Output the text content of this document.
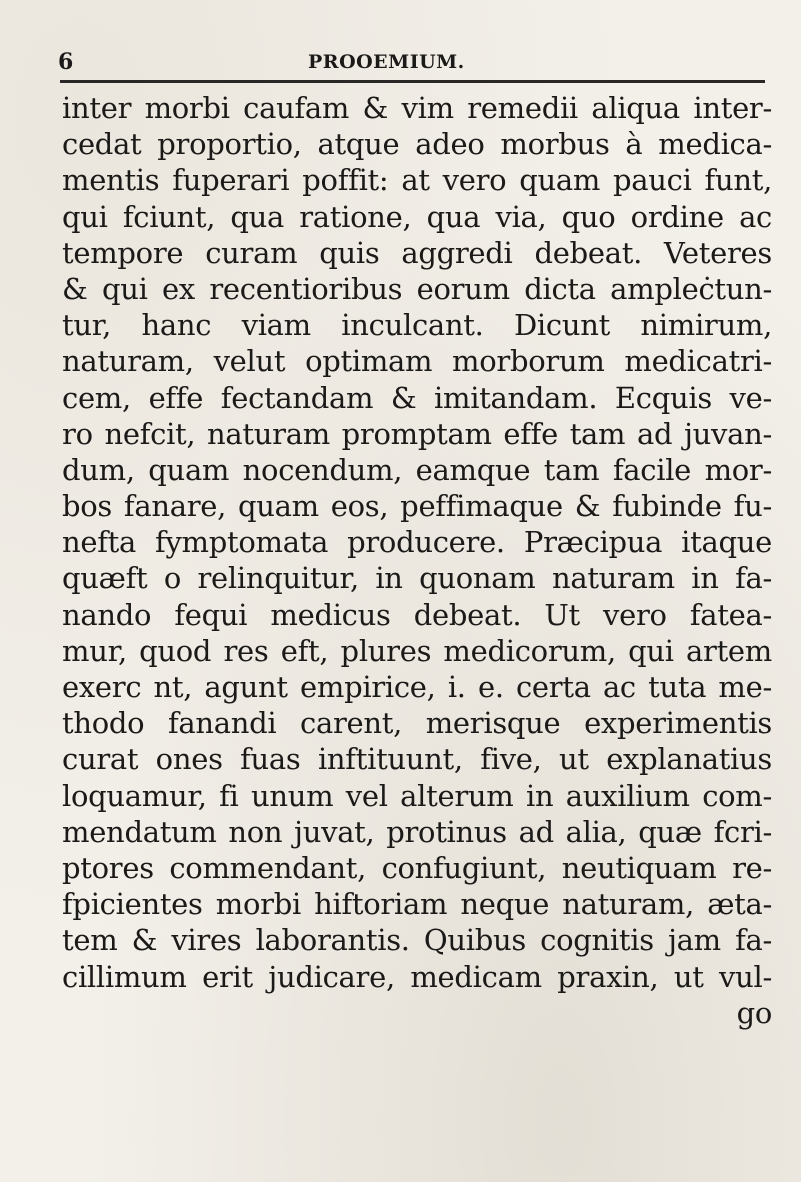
6	PROOEMIUM.
inter morbi caufam & vim remedii aliqua inter-
cedat proportio, atque adeo morbus à medica-
mentis fuperari poffit: at vero quam pauci funt,
qui fciunt, qua ratione, qua via, quo ordine ac
tempore curam quis aggredi debeat. Veteres
& qui ex recentioribus eorum dicta ampleċtun-
tur, hanc viam inculcant. Dicunt nimirum,
naturam, velut optimam morborum medicatri-
cem, effe fectandam & imitandam. Ecquis ve-
ro nefcit, naturam promptam effe tam ad juvan-
dum, quam nocendum, eamque tam facile mor-
bos fanare, quam eos, peffimaque & fubinde fu-
nefta fymptomata producere. Præcipua itaque
quæft o relinquitur, in quonam naturam in fa-
nando fequi medicus debeat. Ut vero fatea-
mur, quod res eft, plures medicorum, qui artem
exerc nt, agunt empirice, i. e. certa ac tuta me-
thodo fanandi carent, merisque experimentis
curat ones fuas inftituunt, five, ut explanatius
loquamur, fi unum vel alterum in auxilium com-
mendatum non juvat, protinus ad alia, quæ fcri-
ptores commendant, confugiunt, neutiquam re-
fpicientes morbi hiftoriam neque naturam, æta-
tem & vires laborantis. Quibus cognitis jam fa-
cillimum erit judicare, medicam praxin, ut vul-
go
